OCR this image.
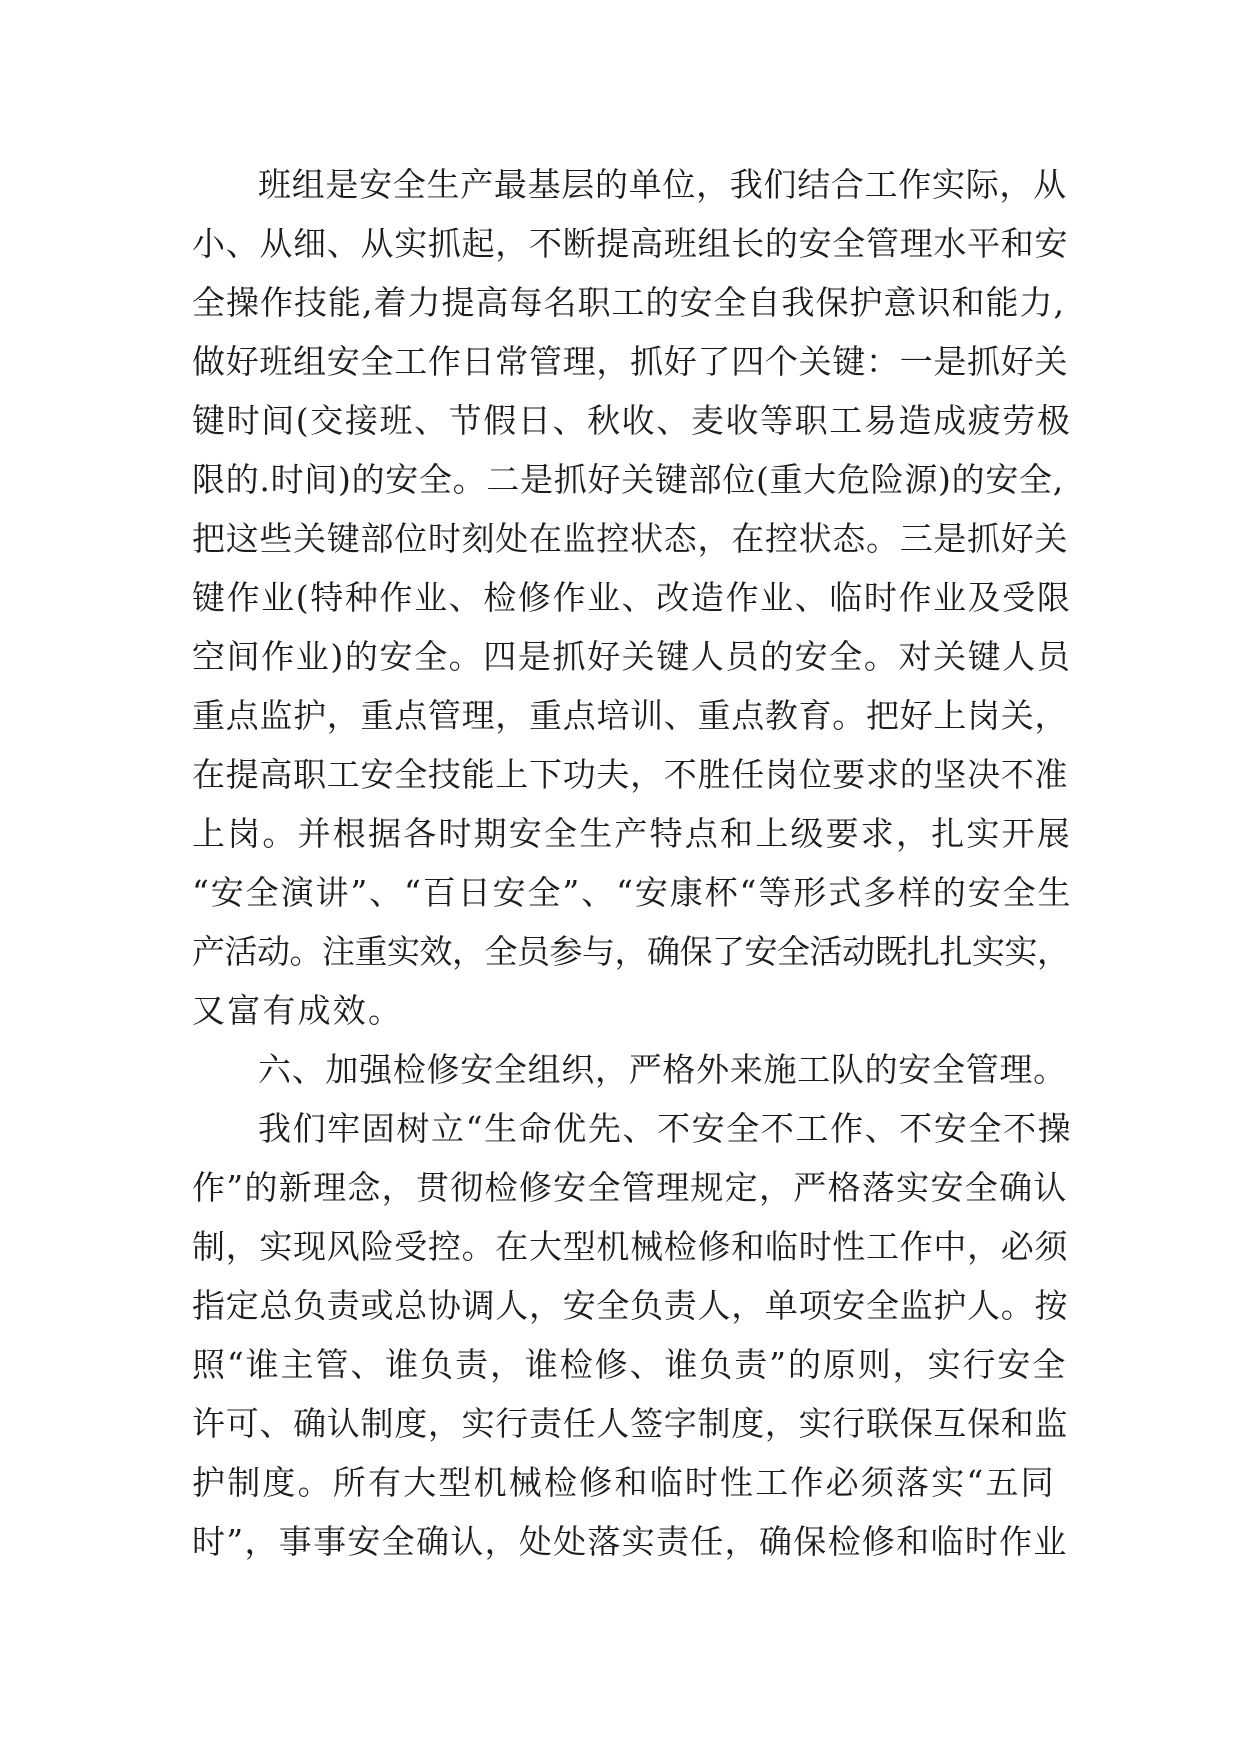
班组是安全生产最基层的单位，我们结合工作实际，从
小、从细、从实抓起，不断提高班组长的安全管理水平和安
全操作技能,着力提高每名职工的安全自我保护意识和能力,
做好班组安全工作日常管理，抓好了四个关键：一是抓好关
键时间(交接班、节假日、秋收、麦收等职工易造成疲劳极
限的.时间)的安全。二是抓好关键部位(重大危险源)的安全,
把这些关键部位时刻处在监控状态，在控状态。三是抓好关
键作业(特种作业、检修作业、改造作业、临时作业及受限
空间作业)的安全。四是抓好关键人员的安全。对关键人员
重点监护，重点管理，重点培训、重点教育。把好上岗关，
在提高职工安全技能上下功夫，不胜任岗位要求的坚决不准
上岗。并根据各时期安全生产特点和上级要求，扎实开展
“安全演讲”、“百日安全”、“安康杯“等形式多样的安全生
产活动。注重实效，全员参与，确保了安全活动既扎扎实实，
又富有成效。
六、加强检修安全组织，严格外来施工队的安全管理。
我们牢固树立“生命优先、不安全不工作、不安全不操
作”的新理念，贯彻检修安全管理规定，严格落实安全确认
制，实现风险受控。在大型机械检修和临时性工作中，必须
指定总负责或总协调人，安全负责人，单项安全监护人。按
照“谁主管、谁负责，谁检修、谁负责”的原则，实行安全
许可、确认制度，实行责任人签字制度，实行联保互保和监
护制度。所有大型机械检修和临时性工作必须落实“五同
时”，事事安全确认，处处落实责任，确保检修和临时作业
